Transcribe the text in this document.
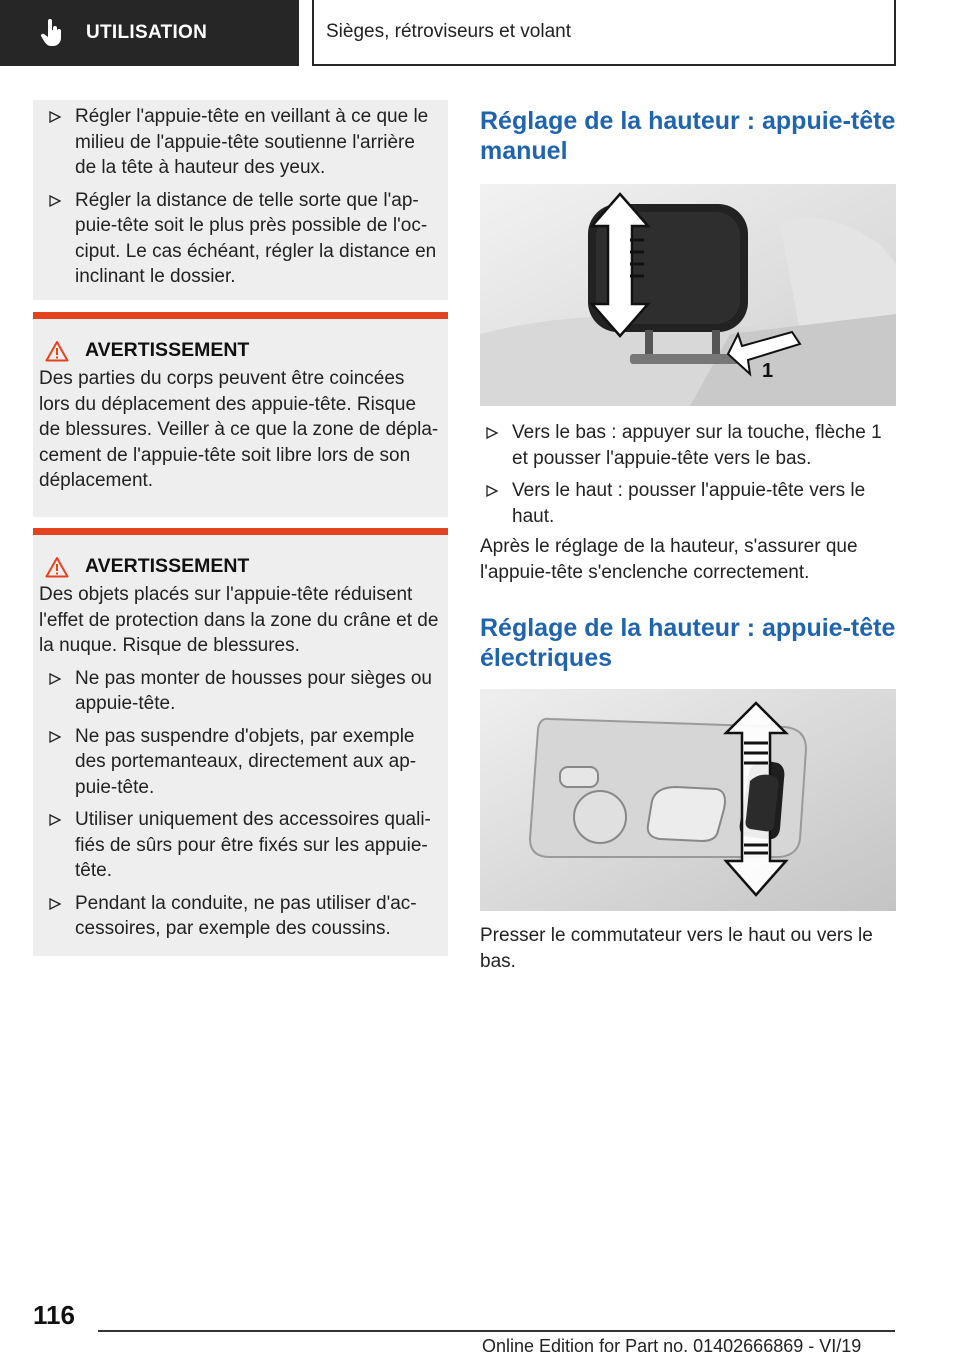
UTILISATION	Sièges, rétroviseurs et volant
Régler l'appuie-tête en veillant à ce que le milieu de l'appuie-tête soutienne l'arrière de la tête à hauteur des yeux.
Régler la distance de telle sorte que l'ap-puie-tête soit le plus près possible de l'oc-ciput. Le cas échéant, régler la distance en inclinant le dossier.
AVERTISSEMENT

Des parties du corps peuvent être coincées lors du déplacement des appuie-tête. Risque de blessures. Veiller à ce que la zone de dépla-cement de l'appuie-tête soit libre lors de son déplacement.

AVERTISSEMENT

Des objets placés sur l'appuie-tête réduisent l'effet de protection dans la zone du crâne et de la nuque. Risque de blessures.

Ne pas monter de housses pour sièges ou appuie-tête.
Ne pas suspendre d'objets, par exemple des portemanteaux, directement aux ap-puie-tête.
Utiliser uniquement des accessoires quali-fiés de sûrs pour être fixés sur les appuie-tête.
Pendant la conduite, ne pas utiliser d'ac-cessoires, par exemple des coussins.
Réglage de la hauteur : appuie-tête manuel
1
Vers le bas : appuyer sur la touche, flèche 1 et pousser l'appuie-tête vers le bas.
Vers le haut : pousser l'appuie-tête vers le haut.

Après le réglage de la hauteur, s'assurer que l'appuie-tête s'enclenche correctement.

Réglage de la hauteur : appuie-tête électriques

Presser le commutateur vers le haut ou vers le bas.

116
Online Edition for Part no. 01402666869 - VI/19
